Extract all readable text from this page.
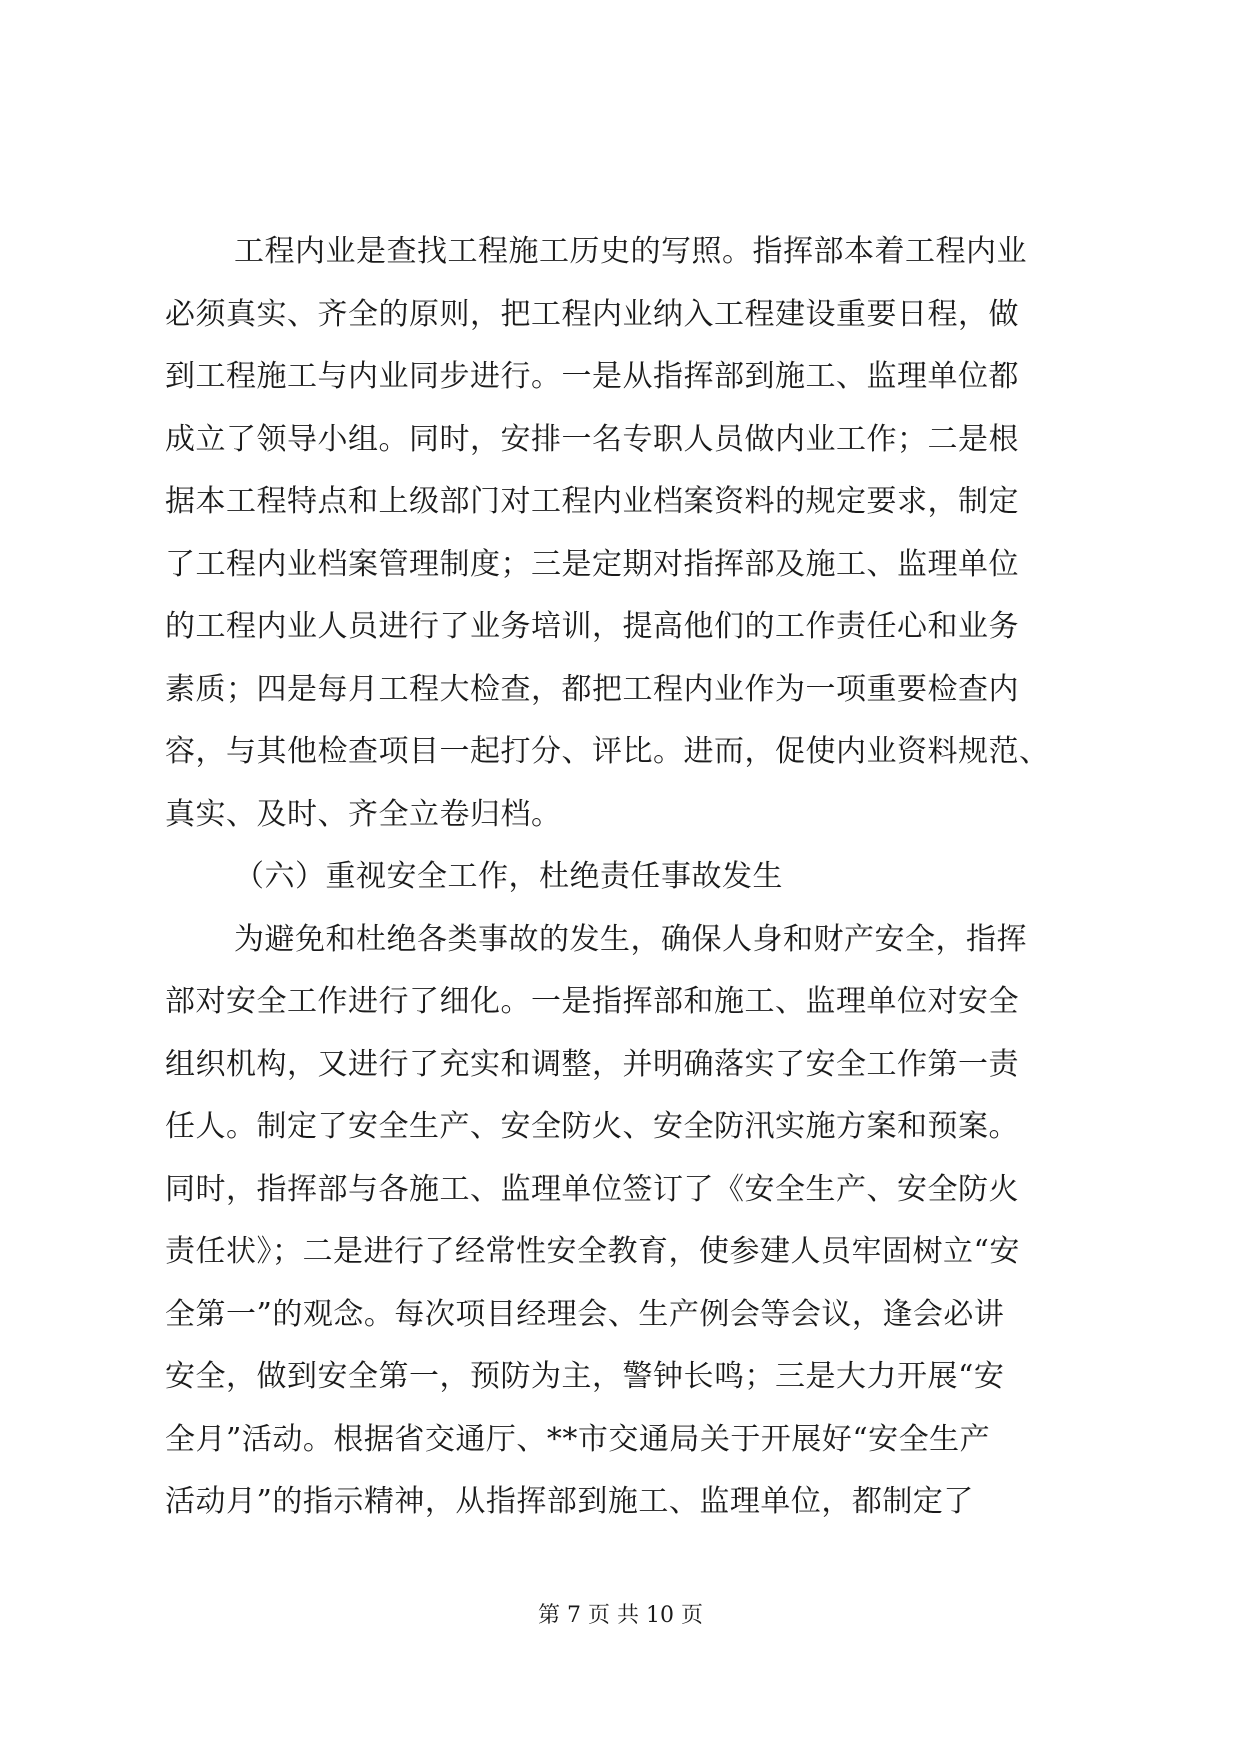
工程内业是查找工程施工历史的写照。指挥部本着工程内业
必须真实、齐全的原则，把工程内业纳入工程建设重要日程，做
到工程施工与内业同步进行。一是从指挥部到施工、监理单位都
成立了领导小组。同时，安排一名专职人员做内业工作；二是根
据本工程特点和上级部门对工程内业档案资料的规定要求，制定
了工程内业档案管理制度；三是定期对指挥部及施工、监理单位
的工程内业人员进行了业务培训，提高他们的工作责任心和业务
素质；四是每月工程大检查，都把工程内业作为一项重要检查内
容，与其他检查项目一起打分、评比。进而，促使内业资料规范、
真实、及时、齐全立卷归档。
（六）重视安全工作，杜绝责任事故发生
为避免和杜绝各类事故的发生，确保人身和财产安全，指挥
部对安全工作进行了细化。一是指挥部和施工、监理单位对安全
组织机构，又进行了充实和调整，并明确落实了安全工作第一责
任人。制定了安全生产、安全防火、安全防汛实施方案和预案。
同时，指挥部与各施工、监理单位签订了《安全生产、安全防火
责任状》；二是进行了经常性安全教育，使参建人员牢固树立“安
全第一”的观念。每次项目经理会、生产例会等会议，逢会必讲
安全，做到安全第一，预防为主，警钟长鸣；三是大力开展“安
全月”活动。根据省交通厅、**市交通局关于开展好“安全生产
活动月”的指示精神，从指挥部到施工、监理单位，都制定了
第 7 页 共 10 页
